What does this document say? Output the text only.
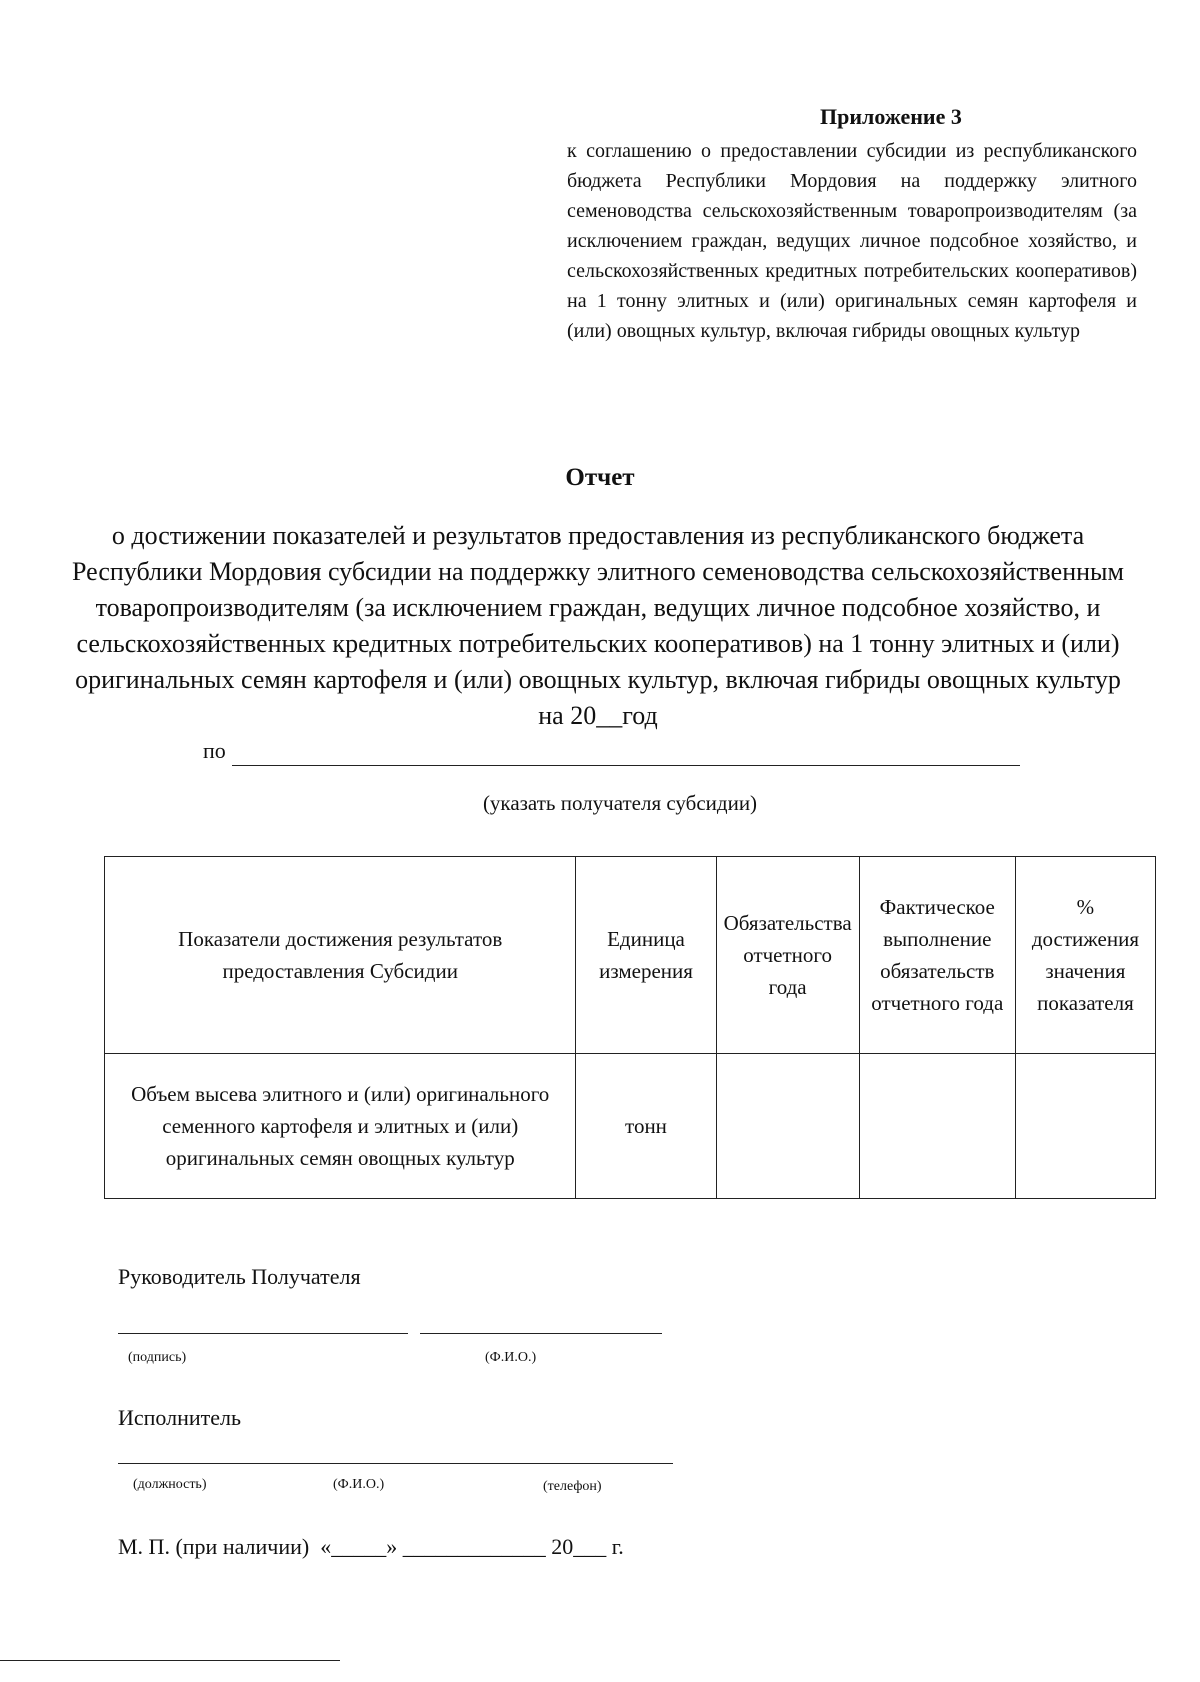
Приложение 3
к соглашению о предоставлении субсидии из республиканского бюджета Республики Мордовия на поддержку элитного семеноводства сельскохозяйственным товаропроизводителям (за исключением граждан, ведущих личное подсобное хозяйство, и сельскохозяйственных кредитных потребительских кооперативов) на 1 тонну элитных и (или) оригинальных семян картофеля и (или) овощных культур, включая гибриды овощных культур
Отчет
о достижении показателей и результатов предоставления из республиканского бюджета Республики Мордовия субсидии на поддержку элитного семеноводства сельскохозяйственным товаропроизводителям (за исключением граждан, ведущих личное подсобное хозяйство, и сельскохозяйственных кредитных потребительских кооперативов) на 1 тонну элитных и (или) оригинальных семян картофеля и (или) овощных культур, включая гибриды овощных культур на 20__год
по
(указать получателя субсидии)
Показатели достижения результатов предоставления Субсидии	Единица измерения	Обязательства отчетного года	Фактическое выполнение обязательств отчетного года	% достижения значения показателя
Объем высева элитного и (или) оригинального семенного картофеля и элитных и (или) оригинальных семян овощных культур	тонн			
Руководитель Получателя
(подпись)	(Ф.И.О.)
Исполнитель
(должность)	(Ф.И.О.)	(телефон)
М. П. (при наличии)  «_____» _____________ 20___ г.
